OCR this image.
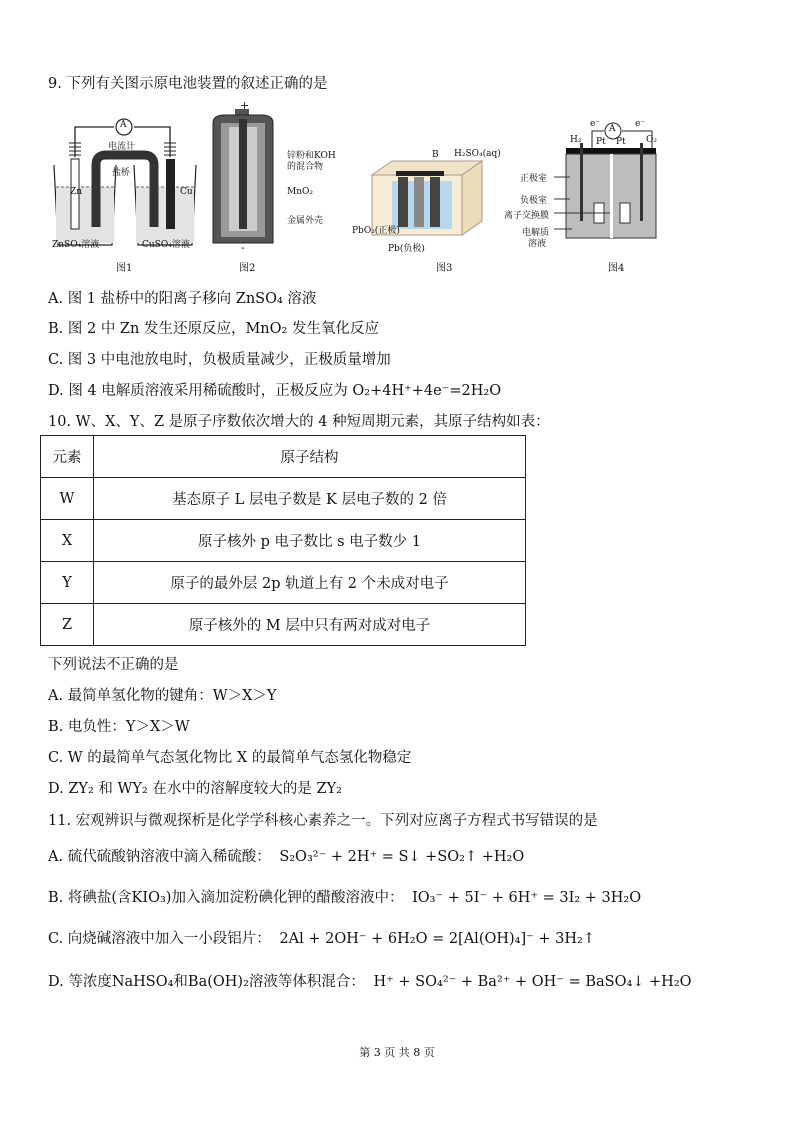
9. 下列有关图示原电池装置的叙述正确的是
A
电流计
盐桥
Zn	Cu
ZnSO₄溶液	CuSO₄溶液
图1
+
-
锌粉和KOH
的混合物
MnO₂
金属外壳
图2
B H₂SO₄(aq)
PbO₂(正极)
Pb(负极)
图3
A
e⁻	e⁻
H₂	O₂
Pt Pt
− +
正极室
负极室
离子交换膜
电解质
溶液
图4
A. 图 1 盐桥中的阳离子移向 ZnSO₄ 溶液
B. 图 2 中 Zn 发生还原反应，MnO₂ 发生氧化反应
C. 图 3 中电池放电时，负极质量减少，正极质量增加
D. 图 4 电解质溶液采用稀硫酸时，正极反应为 O₂+4H⁺+4e⁻=2H₂O
10. W、X、Y、Z 是原子序数依次增大的 4 种短周期元素，其原子结构如表：
元素	原子结构
W	基态原子 L 层电子数是 K 层电子数的 2 倍
X	原子核外 p 电子数比 s 电子数少 1
Y	原子的最外层 2p 轨道上有 2 个未成对电子
Z	原子核外的 M 层中只有两对成对电子
下列说法不正确的是
A. 最简单氢化物的键角：W＞X＞Y
B. 电负性：Y＞X＞W
C. W 的最简单气态氢化物比 X 的最简单气态氢化物稳定
D. ZY₂ 和 WY₂ 在水中的溶解度较大的是 ZY₂
11. 宏观辨识与微观探析是化学学科核心素养之一。下列对应离子方程式书写错误的是
A. 硫代硫酸钠溶液中滴入稀硫酸： S₂O₃²⁻ + 2H⁺ = S↓ +SO₂↑ +H₂O
B. 将碘盐(含KIO₃)加入滴加淀粉碘化钾的醋酸溶液中： IO₃⁻ + 5I⁻ + 6H⁺ = 3I₂ + 3H₂O
C. 向烧碱溶液中加入一小段铝片： 2Al + 2OH⁻ + 6H₂O = 2[Al(OH)₄]⁻ + 3H₂↑
D. 等浓度NaHSO₄和Ba(OH)₂溶液等体积混合： H⁺ + SO₄²⁻ + Ba²⁺ + OH⁻ = BaSO₄↓ +H₂O
第 3 页 共 8 页
